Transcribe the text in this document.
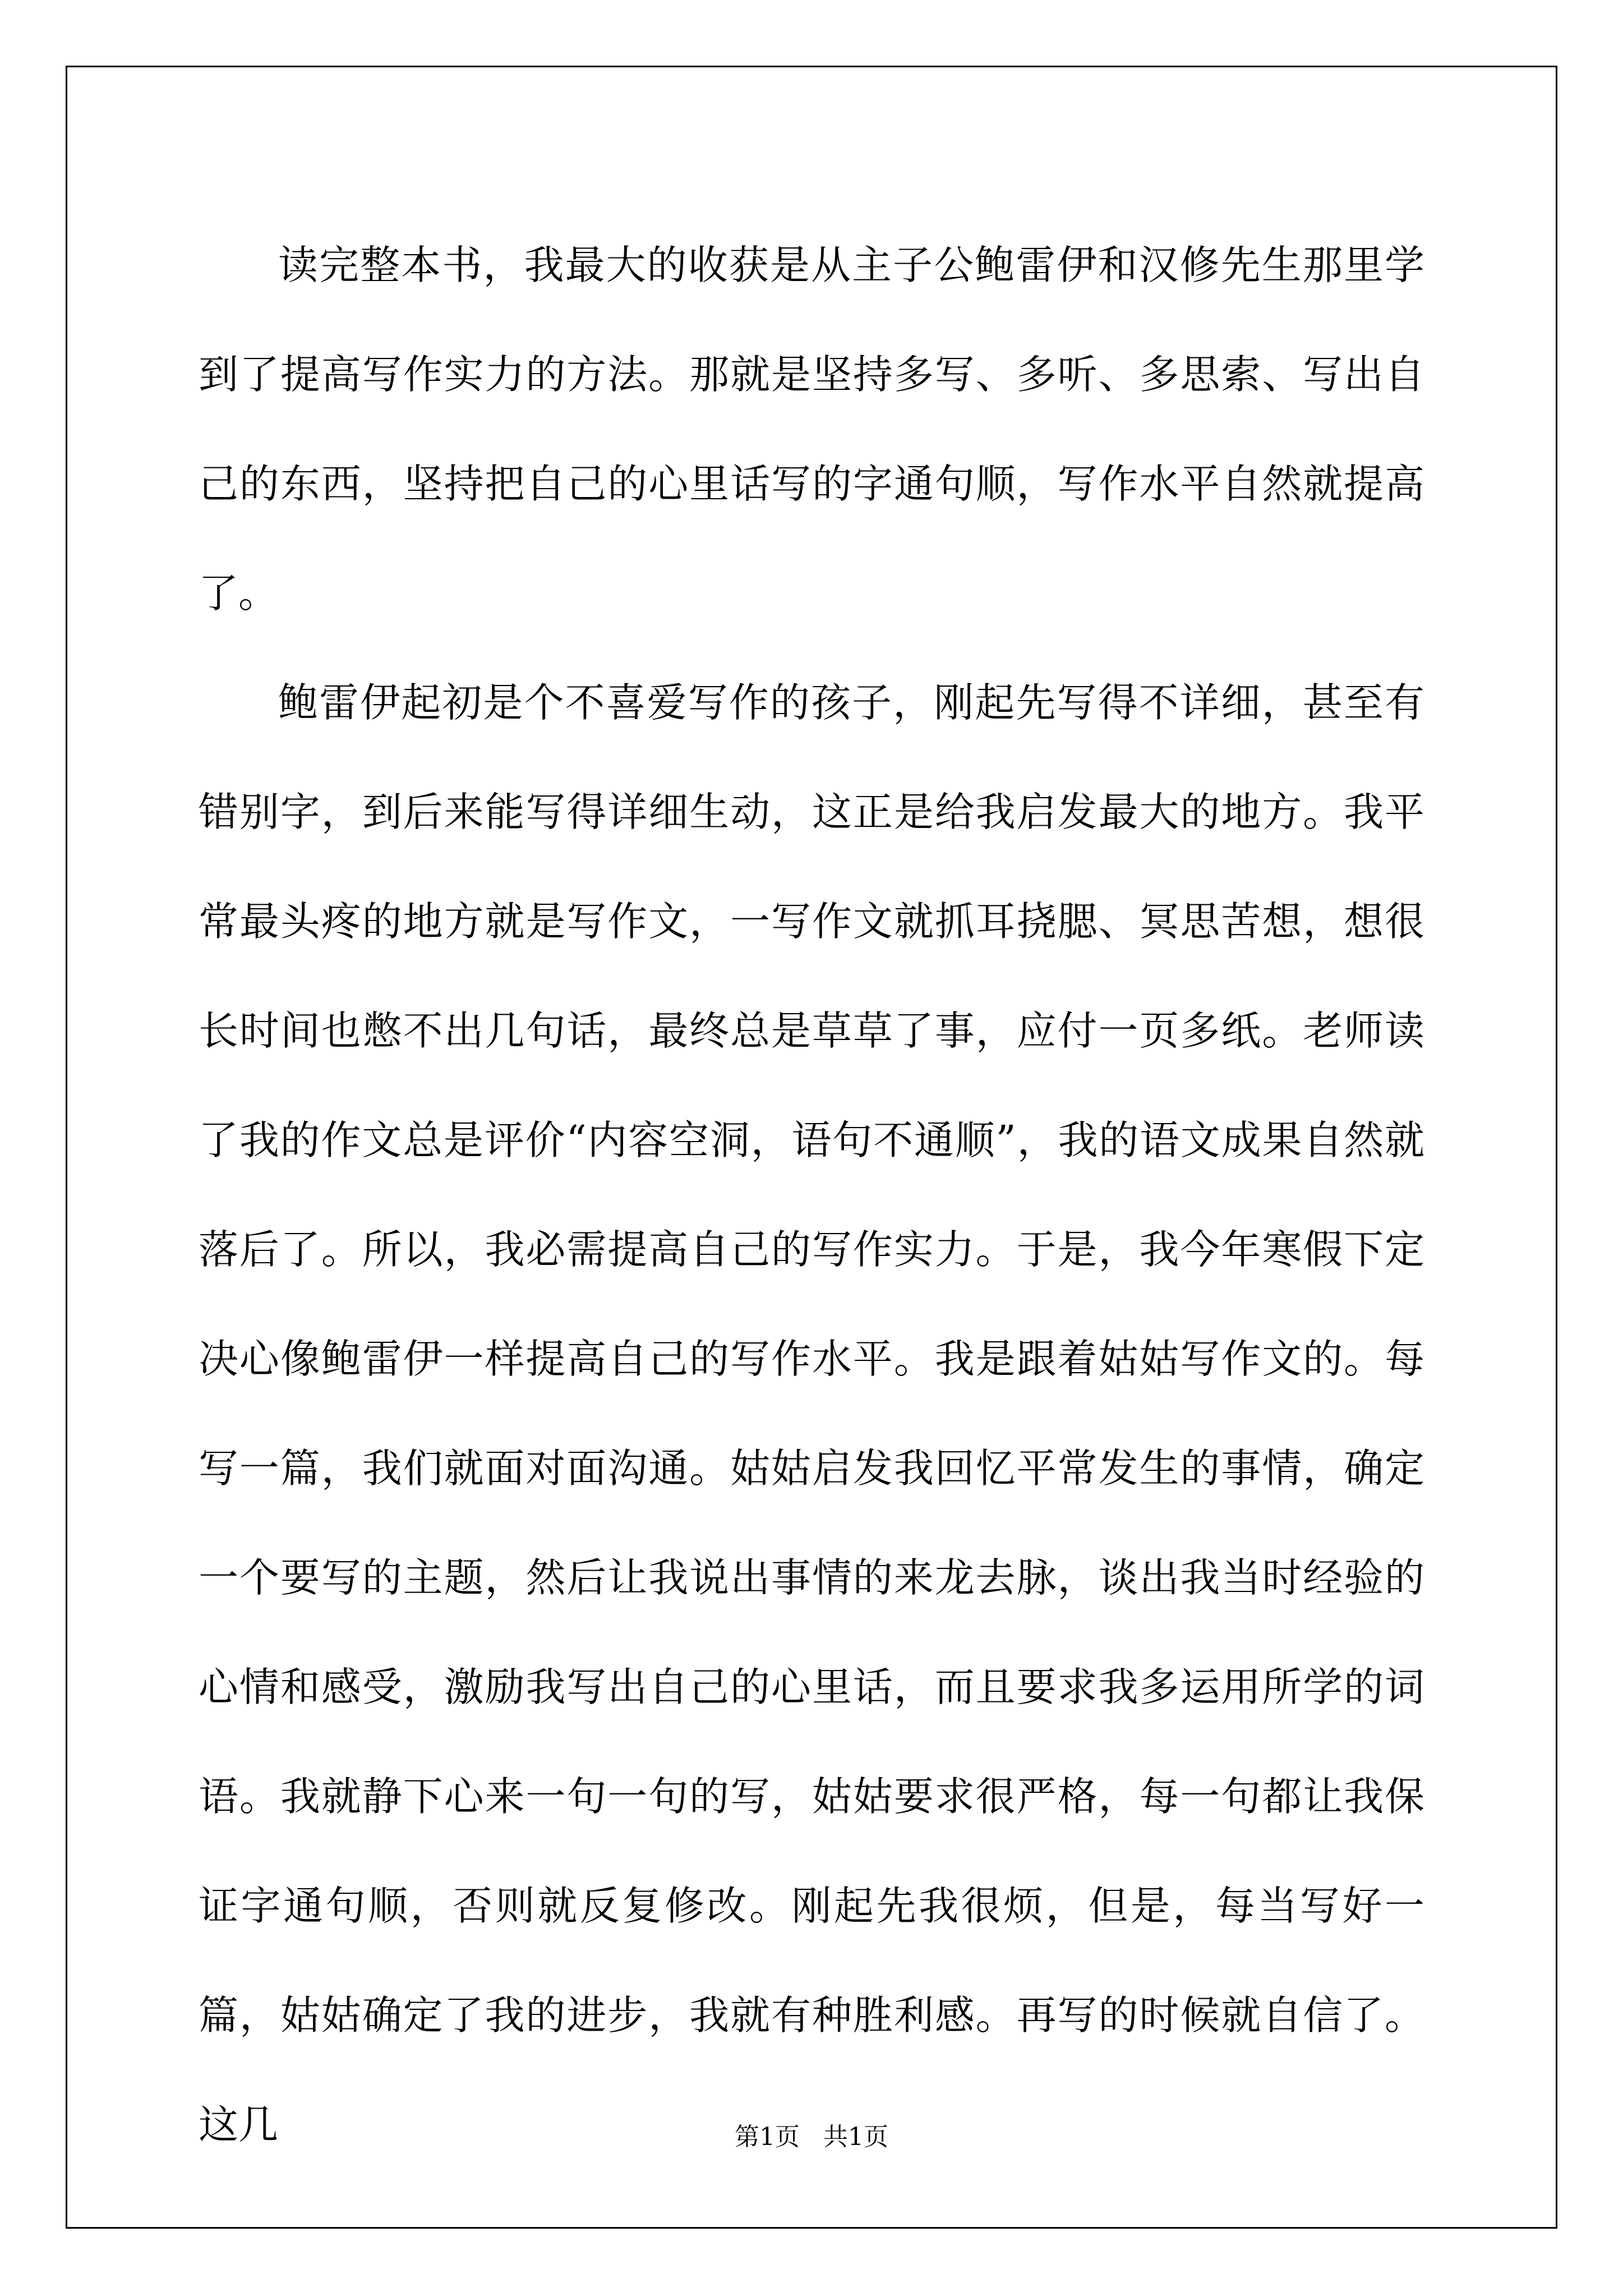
读完整本书，我最大的收获是从主子公鲍雷伊和汉修先生那里学到了提高写作实力的方法。那就是坚持多写、多听、多思索、写出自己的东西，坚持把自己的心里话写的字通句顺，写作水平自然就提高了。

鲍雷伊起初是个不喜爱写作的孩子，刚起先写得不详细，甚至有错别字，到后来能写得详细生动，这正是给我启发最大的地方。我平常最头疼的地方就是写作文，一写作文就抓耳挠腮、冥思苦想，想很长时间也憋不出几句话，最终总是草草了事，应付一页多纸。老师读了我的作文总是评价“内容空洞，语句不通顺”，我的语文成果自然就落后了。所以，我必需提高自己的写作实力。于是，我今年寒假下定决心像鲍雷伊一样提高自己的写作水平。我是跟着姑姑写作文的。每写一篇，我们就面对面沟通。姑姑启发我回忆平常发生的事情，确定一个要写的主题，然后让我说出事情的来龙去脉，谈出我当时经验的心情和感受，激励我写出自己的心里话，而且要求我多运用所学的词语。我就静下心来一句一句的写，姑姑要求很严格，每一句都让我保证字通句顺，否则就反复修改。刚起先我很烦，但是，每当写好一篇，姑姑确定了我的进步，我就有种胜利感。再写的时候就自信了。这几	第1页   共1页
